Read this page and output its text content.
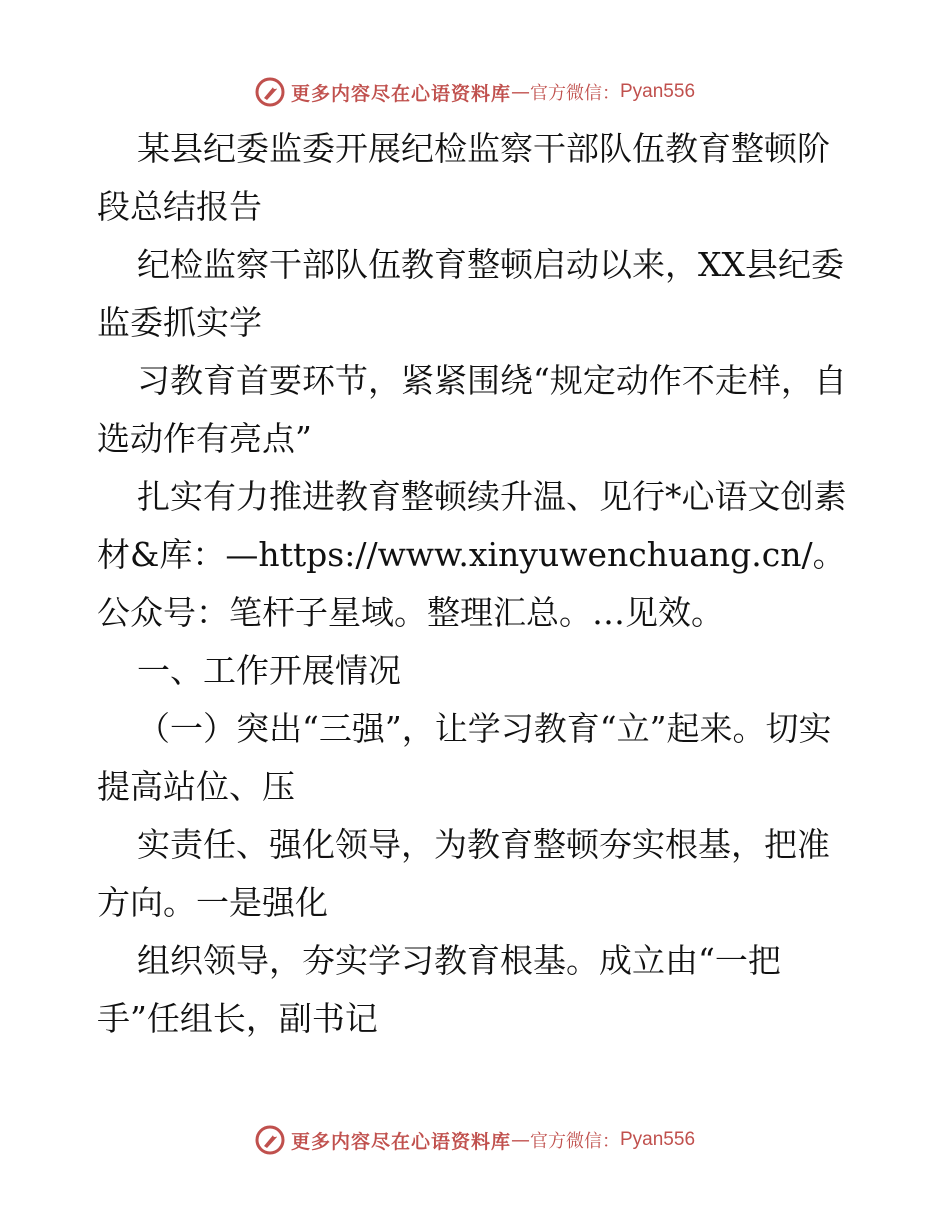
更多内容尽在心语资料库 — 官方微信： Pyan556

某县纪委监委开展纪检监察干部队伍教育整顿阶段总结报告

纪检监察干部队伍教育整顿启动以来，XX县纪委监委抓实学

习教育首要环节，紧紧围绕“规定动作不走样，自选动作有亮点”

扎实有力推进教育整顿续升温、见行*心语文创素材&库：—https://www.xinyuwenchuang.cn/。公众号：笔杆子星域。整理汇总。…见效。

一、工作开展情况

（一）突出“三强”，让学习教育“立”起来。切实提高站位、压

实责任、强化领导，为教育整顿夯实根基，把准方向。一是强化

组织领导，夯实学习教育根基。成立由“一把手”任组长，副书记

更多内容尽在心语资料库 — 官方微信： Pyan556
